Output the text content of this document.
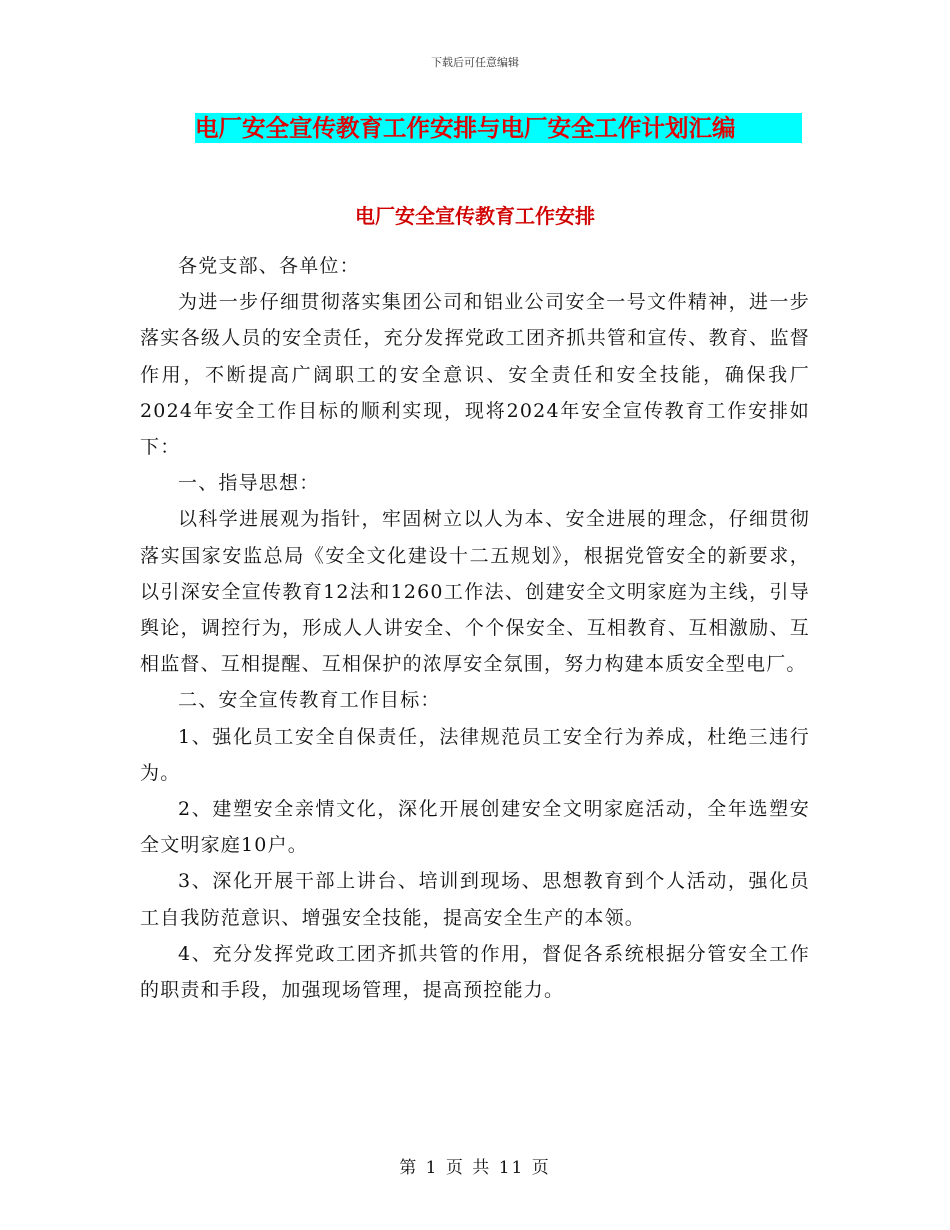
下载后可任意编辑
电厂安全宣传教育工作安排与电厂安全工作计划汇编
电厂安全宣传教育工作安排

各党支部、各单位：

为进一步仔细贯彻落实集团公司和铝业公司安全一号文件精神，进一步落实各级人员的安全责任，充分发挥党政工团齐抓共管和宣传、教育、监督作用，不断提高广阔职工的安全意识、安全责任和安全技能，确保我厂2024年安全工作目标的顺利实现，现将2024年安全宣传教育工作安排如下：

一、指导思想：

以科学进展观为指针，牢固树立以人为本、安全进展的理念，仔细贯彻落实国家安监总局《安全文化建设十二五规划》，根据党管安全的新要求，以引深安全宣传教育12法和1260工作法、创建安全文明家庭为主线，引导舆论，调控行为，形成人人讲安全、个个保安全、互相教育、互相激励、互相监督、互相提醒、互相保护的浓厚安全氛围，努力构建本质安全型电厂。

二、安全宣传教育工作目标：

1、强化员工安全自保责任，法律规范员工安全行为养成，杜绝三违行为。

2、建塑安全亲情文化，深化开展创建安全文明家庭活动，全年选塑安全文明家庭10户。

3、深化开展干部上讲台、培训到现场、思想教育到个人活动，强化员工自我防范意识、增强安全技能，提高安全生产的本领。

4、充分发挥党政工团齐抓共管的作用，督促各系统根据分管安全工作的职责和手段，加强现场管理，提高预控能力。

第 1 页 共 11 页
